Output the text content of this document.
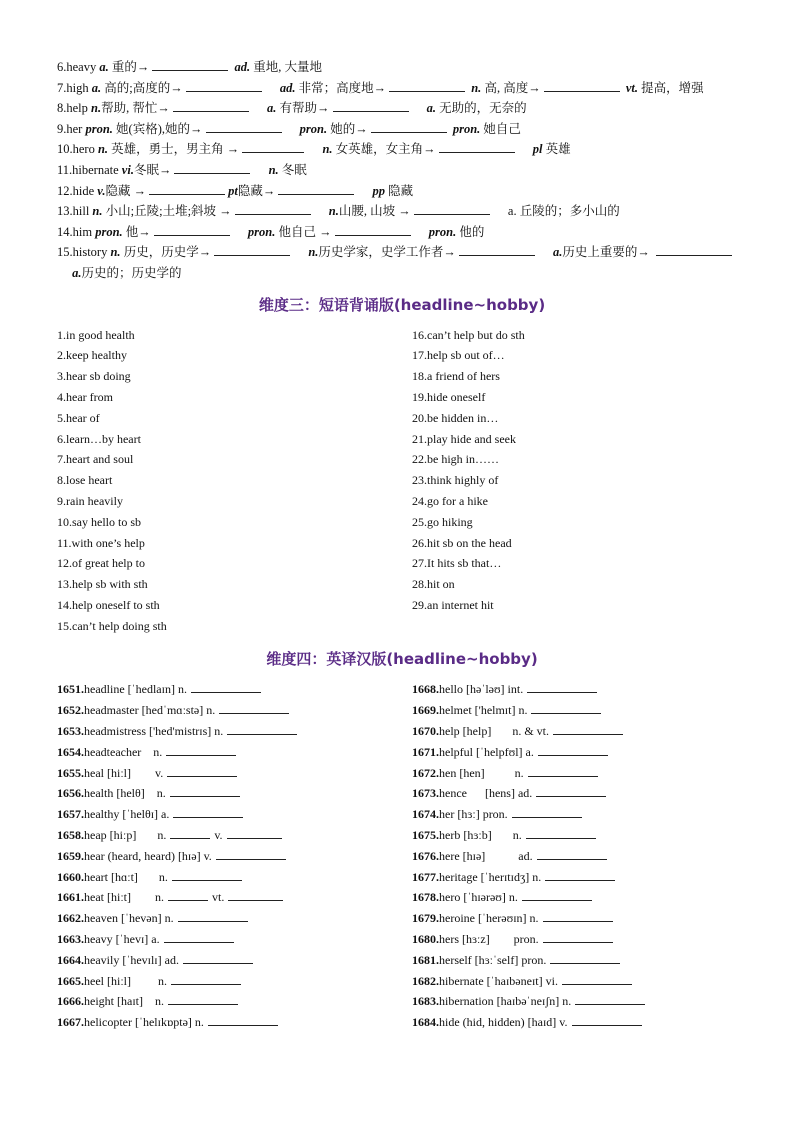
6.heavy a. 重的→	ad. 重地, 大量地
7.high a. 高的;高度的→	ad. 非常；高度地→	n. 高, 高度→	vt. 提高，增强
8.help n.帮助, 帮忙→	a. 有帮助→	a. 无助的，无奈的
9.her pron. 她(宾格),她的→	pron. 她的→	pron. 她自己
10.hero n. 英雄，勇士，男主角 →	n. 女英雄，女主角→	pl 英雄
11.hibernate vi.冬眠→	n. 冬眠
12.hide v.隐藏 →	pt隐藏→	pp 隐藏
13.hill n. 小山;丘陵;土堆;斜坡 →	n.山腰, 山坡 →	a. 丘陵的；多小山的
14.him pron. 他→	pron. 他自己 →	pron. 他的
15.history n. 历史，历史学→	n.历史学家，史学工作者→	a.历史上重要的→  a.历史的；历史学的
维度三：短语背诵版(headline~hobby)
1.in good health
2.keep healthy
3.hear sb doing
4.hear from
5.hear of
6.learn…by heart
7.heart and soul
8.lose heart
9.rain heavily
10.say hello to sb
11.with one’s help
12.of great help to
13.help sb with sth
14.help oneself to sth
15.can’t help doing sth
16.can’t help but do sth
17.help sb out of…
18.a friend of hers
19.hide oneself
20.be hidden in…
21.play hide and seek
22.be high in……
23.think highly of
24.go for a hike
25.go hiking
26.hit sb on the head
27.It hits sb that…
28.hit on
29.an internet hit
维度四：英译汉版(headline~hobby)
1651.headline [ˈhedlaɪn] n.
1652.headmaster [hedˈmɑːstə] n.
1653.headmistress ['hed'mistrɪs] n.
1654.headteacher    n.
1655.heal [hiːl]        v.
1656.health [helθ]    n.
1657.healthy [ˈhelθɪ] a.
1658.heap [hiːp]       n.	v.
1659.hear (heard, heard) [hɪə] v.
1660.heart [hɑːt]       n.
1661.heat [hiːt]        n.	vt.
1662.heaven [ˈhevən] n.
1663.heavy [ˈhevɪ] a.
1664.heavily [ˈhevɪlɪ] ad.
1665.heel [hiːl]         n.
1666.height [haɪt]    n.
1667.helicopter [ˈhelɪkɒptə] n.
1668.hello [həˈləʊ] int.
1669.helmet ['helmɪt] n.
1670.help [help]       n. & vt.
1671.helpful [ˈhelpfʊl] a.
1672.hen [hen]          n.
1673.hence      [hens] ad.
1674.her [hɜː] pron.
1675.herb [hɜːb]       n.
1676.here [hɪə]           ad.
1677.heritage [ˈherɪtɪdʒ] n.
1678.hero [ˈhɪərəʊ] n.
1679.heroine [ˈherəʊɪn] n.
1680.hers [hɜːz]        pron.
1681.herself [hɜːˈself] pron.
1682.hibernate [ˈhaɪbəneɪt] vi.
1683.hibernation [haɪbəˈneɪʃn] n.
1684.hide (hid, hidden) [haɪd] v.
